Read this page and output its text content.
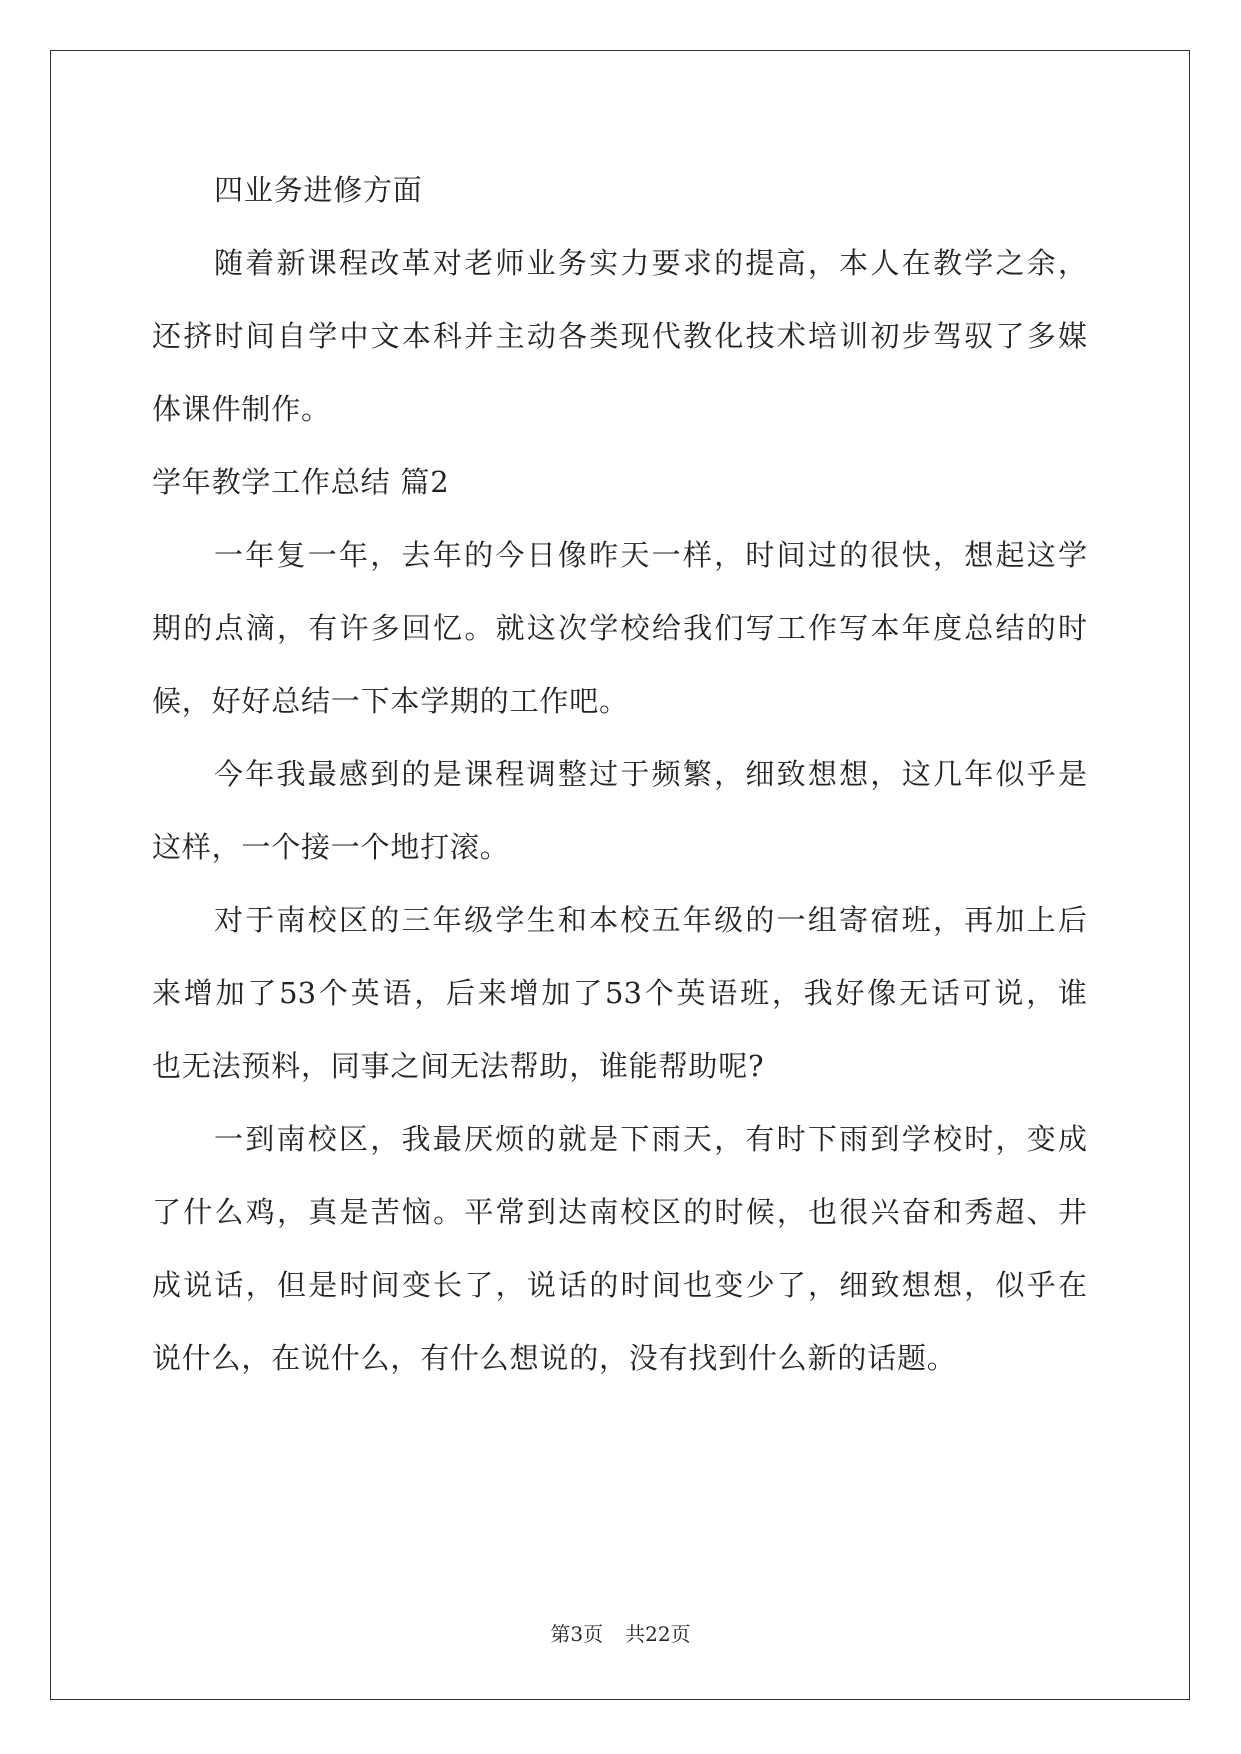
四业务进修方面
随着新课程改革对老师业务实力要求的提高，本人在教学之余，
还挤时间自学中文本科并主动各类现代教化技术培训初步驾驭了多媒
体课件制作。
学年教学工作总结 篇2
一年复一年，去年的今日像昨天一样，时间过的很快，想起这学
期的点滴，有许多回忆。就这次学校给我们写工作写本年度总结的时
候，好好总结一下本学期的工作吧。
今年我最感到的是课程调整过于频繁，细致想想，这几年似乎是
这样，一个接一个地打滚。
对于南校区的三年级学生和本校五年级的一组寄宿班，再加上后
来增加了53个英语，后来增加了53个英语班，我好像无话可说，谁
也无法预料，同事之间无法帮助，谁能帮助呢?
一到南校区，我最厌烦的就是下雨天，有时下雨到学校时，变成
了什么鸡，真是苦恼。平常到达南校区的时候，也很兴奋和秀超、井
成说话，但是时间变长了，说话的时间也变少了，细致想想，似乎在
说什么，在说什么，有什么想说的，没有找到什么新的话题。
第3页 共22页
